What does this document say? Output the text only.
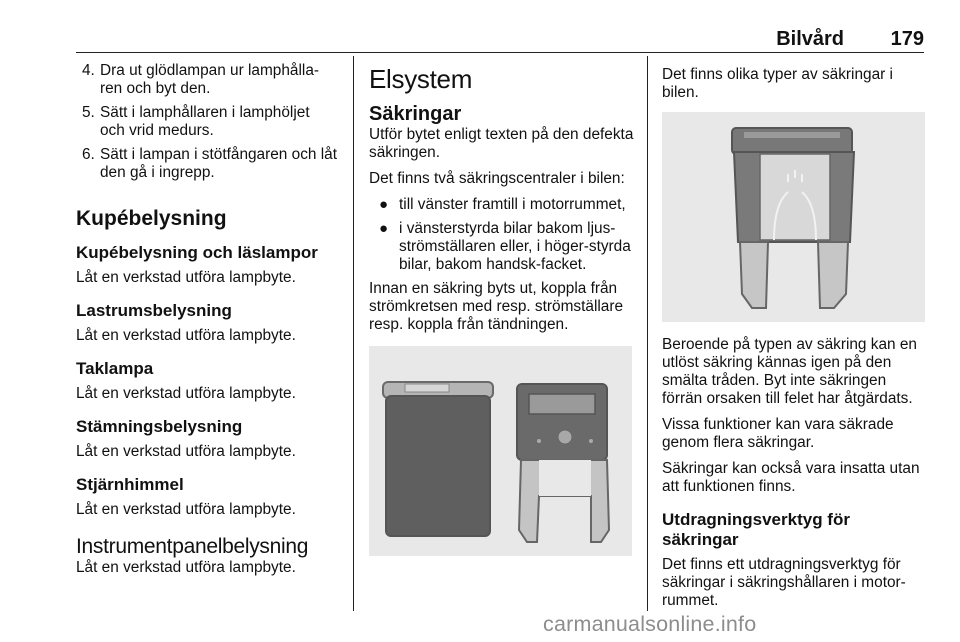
Bilvård 179
4. Dra ut glödlampan ur lamphålla-ren och byt den.
5. Sätt i lamphållaren i lamphöljet och vrid medurs.
6. Sätt i lampan i stötfångaren och låt den gå i ingrepp.
Kupébelysning
Kupébelysning och läslampor

Låt en verkstad utföra lampbyte.

Lastrumsbelysning

Låt en verkstad utföra lampbyte.

Taklampa

Låt en verkstad utföra lampbyte.

Stämningsbelysning

Låt en verkstad utföra lampbyte.

Stjärnhimmel

Låt en verkstad utföra lampbyte.

Instrumentpanelbelysning

Låt en verkstad utföra lampbyte.

Elsystem
Säkringar

Utför bytet enligt texten på den defekta säkringen.

Det finns två säkringscentraler i bilen:

● till vänster framtill i motorrummet,
● i vänsterstyrda bilar bakom ljus-strömställaren eller, i höger-styrda bilar, bakom handsk-facket.

Innan en säkring byts ut, koppla från strömkretsen med resp. strömställare resp. koppla från tändningen.

Det finns olika typer av säkringar i bilen.

Beroende på typen av säkring kan en utlöst säkring kännas igen på den smälta tråden. Byt inte säkringen förrän orsaken till felet har åtgärdats.

Vissa funktioner kan vara säkrade genom flera säkringar.

Säkringar kan också vara insatta utan att funktionen finns.

Utdragningsverktyg för säkringar

Det finns ett utdragningsverktyg för säkringar i säkringshållaren i motor-rummet.

carmanualsonline.info
